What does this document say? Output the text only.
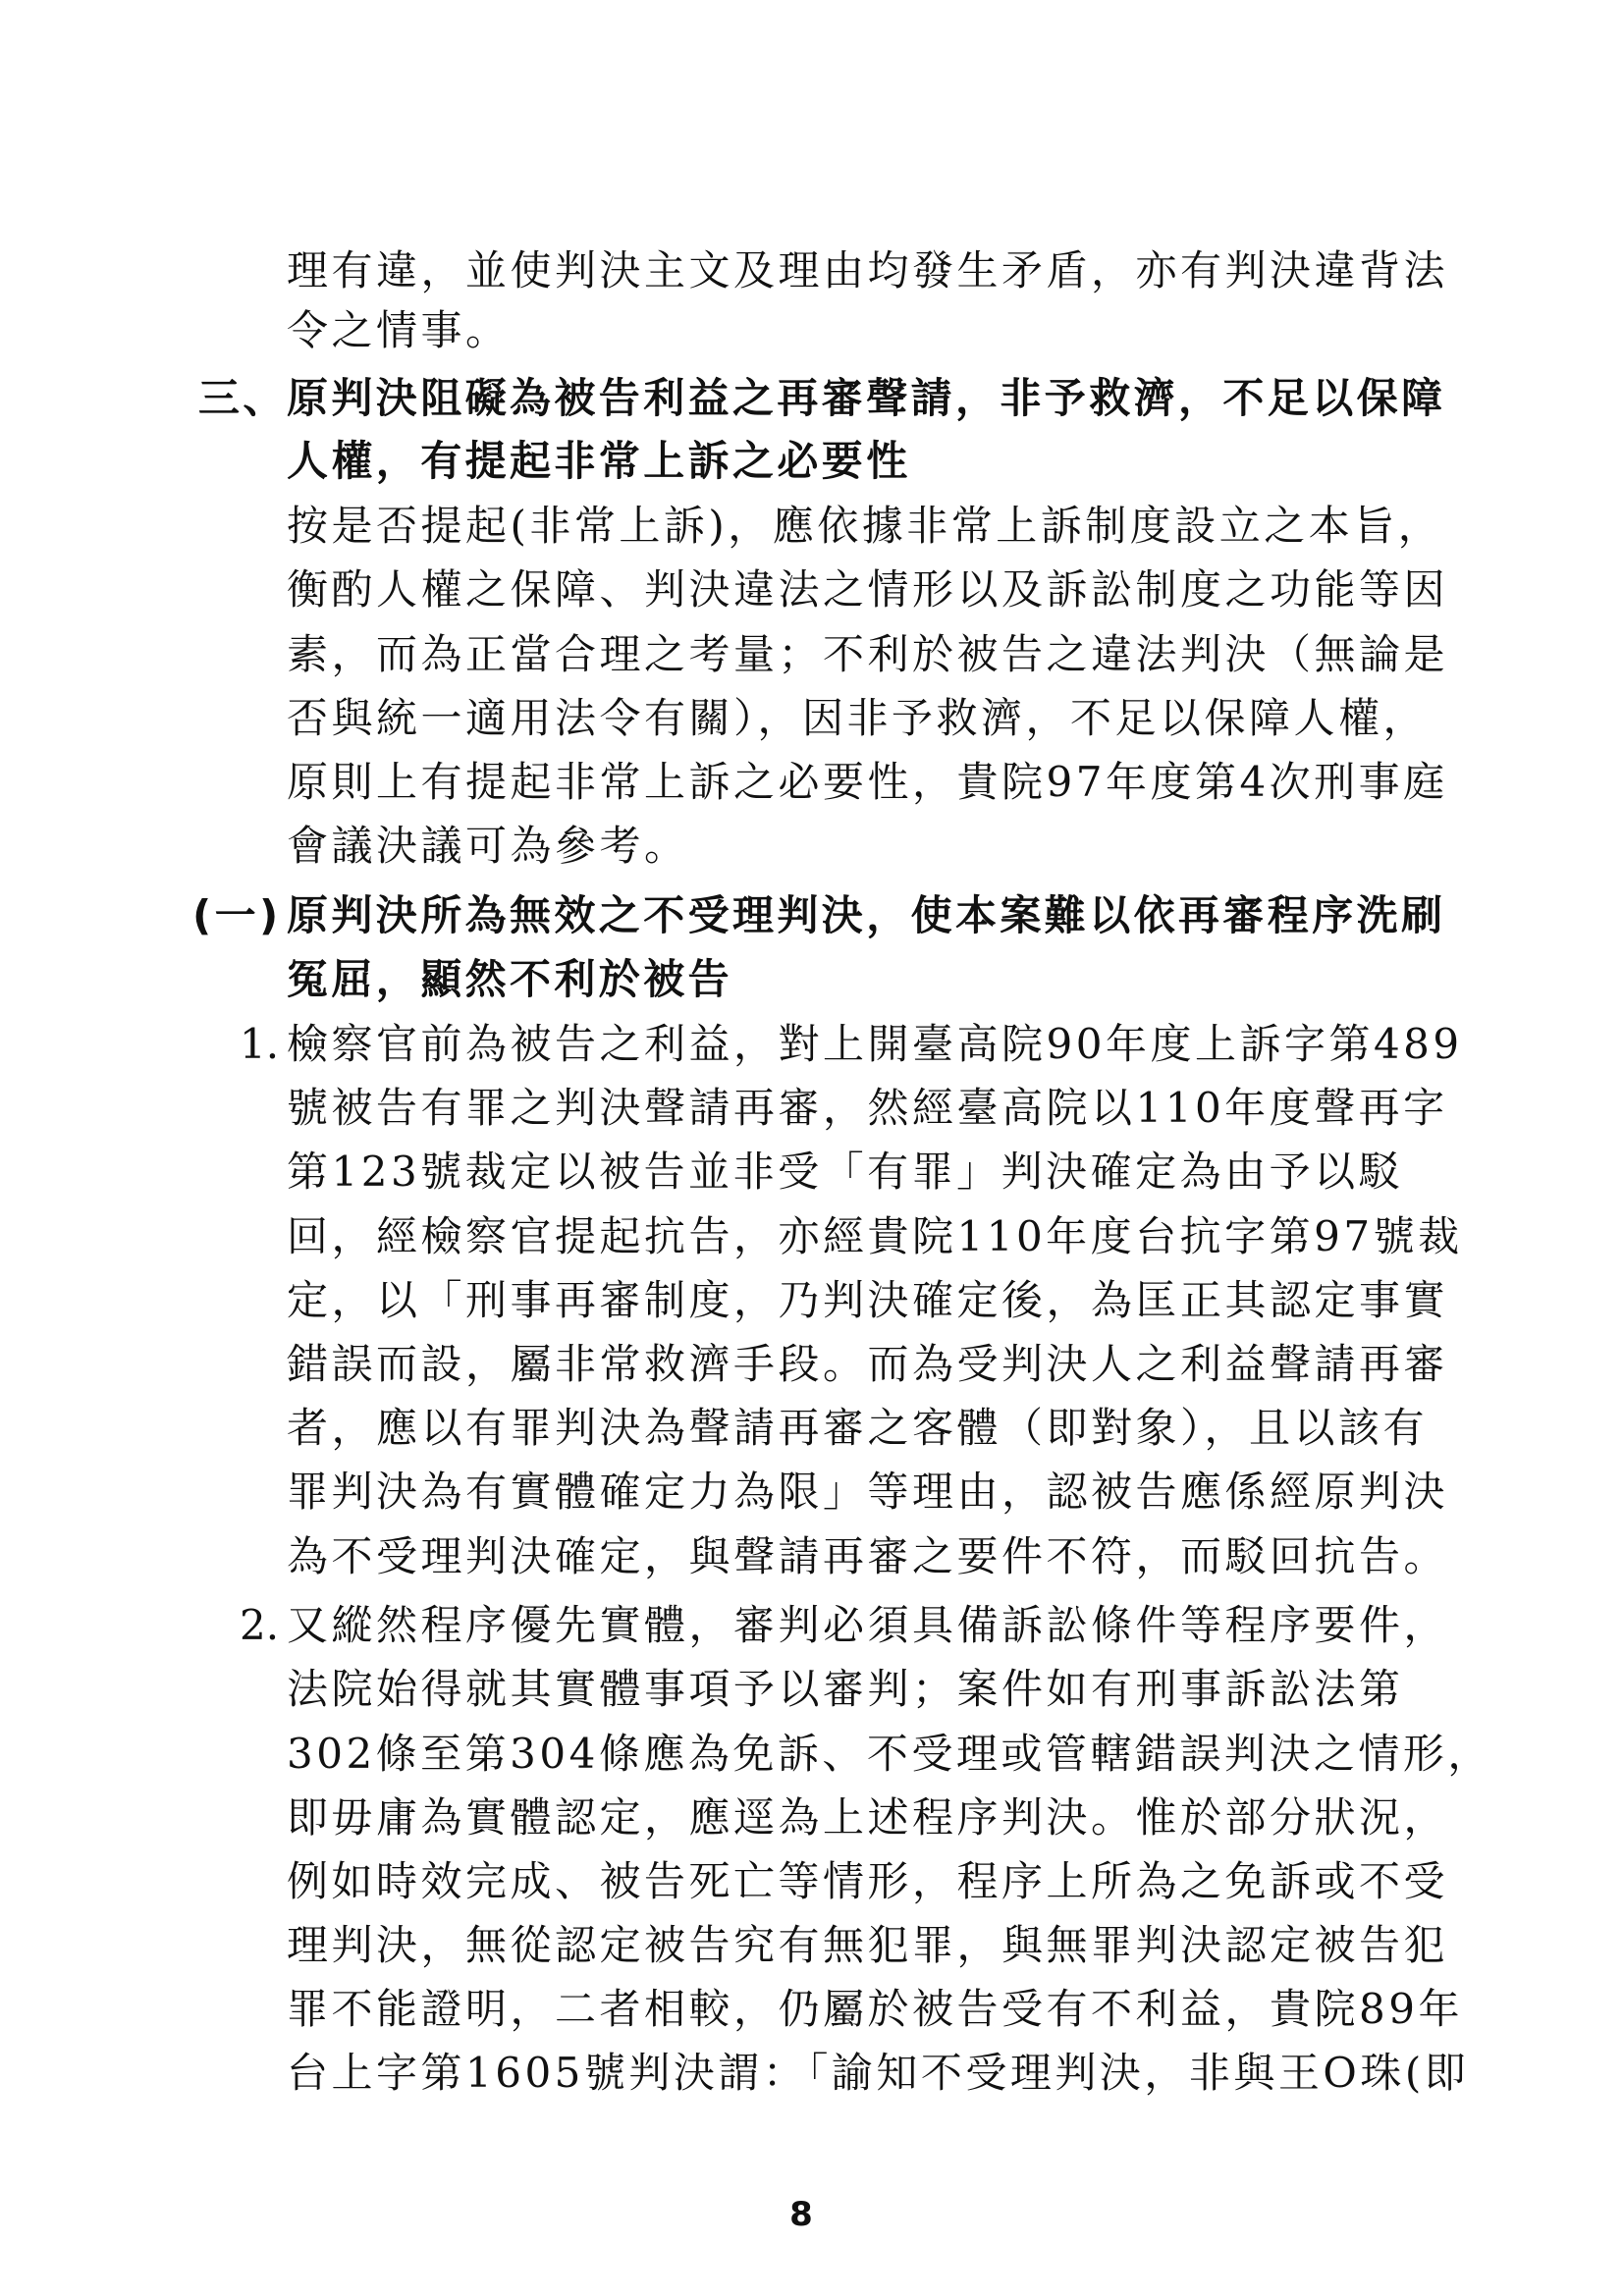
理有違，並使判決主文及理由均發生矛盾，亦有判決違背法
令之情事。
三、 原判決阻礙為被告利益之再審聲請，非予救濟，不足以保障
人權，有提起非常上訴之必要性
按是否提起(非常上訴)，應依據非常上訴制度設立之本旨，
衡酌人權之保障、判決違法之情形以及訴訟制度之功能等因
素，而為正當合理之考量；不利於被告之違法判決（無論是
否與統一適用法令有關），因非予救濟，不足以保障人權，
原則上有提起非常上訴之必要性，貴院97年度第4次刑事庭
會議決議可為參考。
(一) 原判決所為無效之不受理判決，使本案難以依再審程序洗刷
冤屈，顯然不利於被告
1. 檢察官前為被告之利益，對上開臺高院90年度上訴字第489
號被告有罪之判決聲請再審，然經臺高院以110年度聲再字
第123號裁定以被告並非受「有罪」判決確定為由予以駁
回，經檢察官提起抗告，亦經貴院110年度台抗字第97號裁
定，以「刑事再審制度，乃判決確定後，為匡正其認定事實
錯誤而設，屬非常救濟手段。而為受判決人之利益聲請再審
者，應以有罪判決為聲請再審之客體（即對象），且以該有
罪判決為有實體確定力為限」等理由，認被告應係經原判決
為不受理判決確定，與聲請再審之要件不符，而駁回抗告。
2. 又縱然程序優先實體，審判必須具備訴訟條件等程序要件，
法院始得就其實體事項予以審判；案件如有刑事訴訟法第
302條至第304條應為免訴、不受理或管轄錯誤判決之情形，
即毋庸為實體認定，應逕為上述程序判決。惟於部分狀況，
例如時效完成、被告死亡等情形，程序上所為之免訴或不受
理判決，無從認定被告究有無犯罪，與無罪判決認定被告犯
罪不能證明，二者相較，仍屬於被告受有不利益，貴院89年
台上字第1605號判決謂：「諭知不受理判決，非與王O珠(即
8
